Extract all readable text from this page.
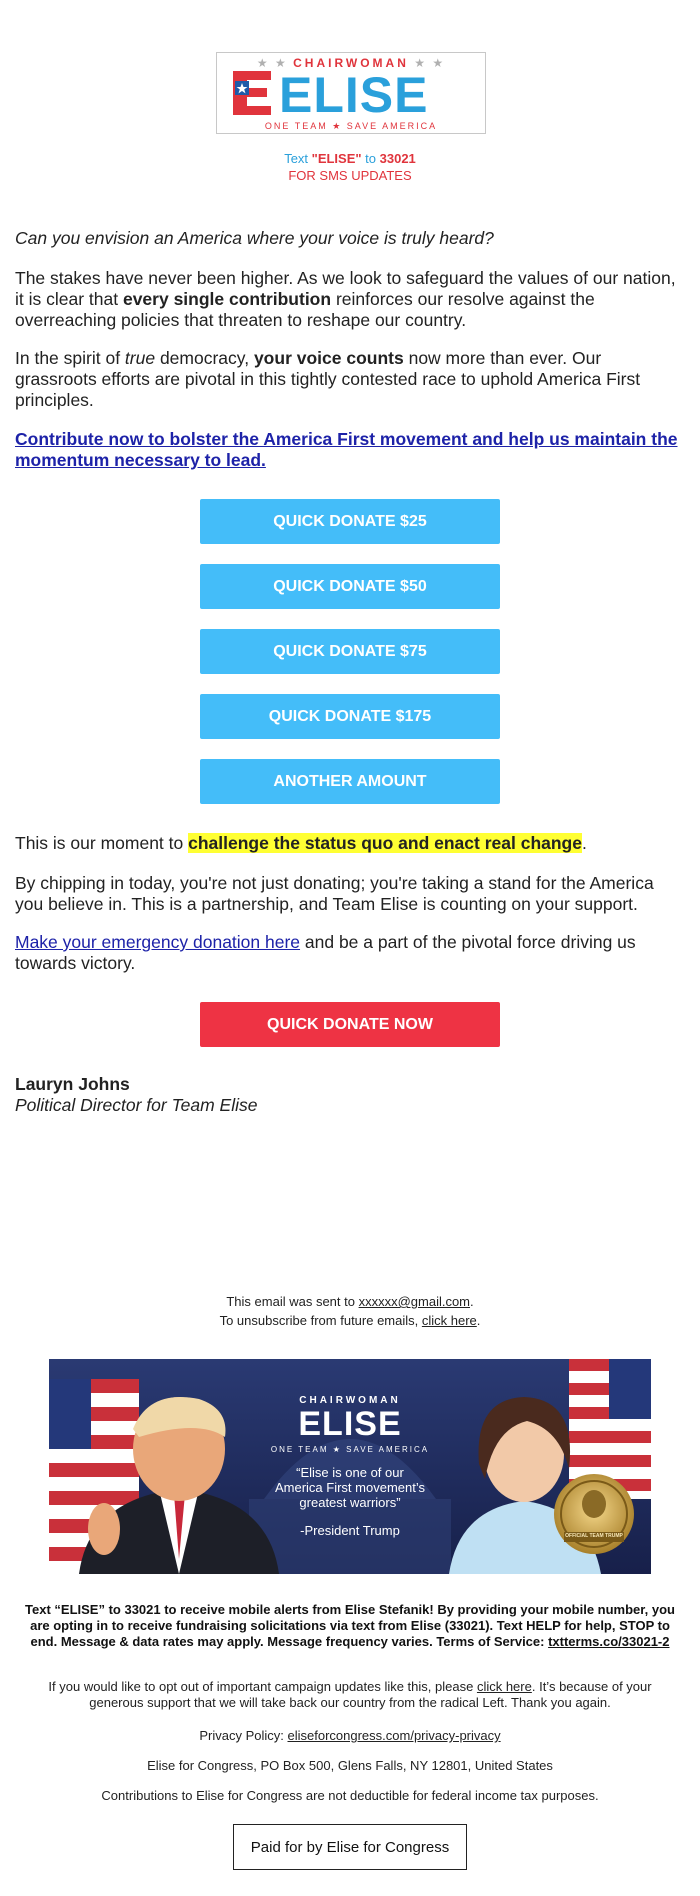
★ ★ CHAIRWOMAN ★ ★
ELISE
ONE TEAM ★ SAVE AMERICA
Text "ELISE" to 33021
FOR SMS UPDATES
Can you envision an America where your voice is truly heard?

The stakes have never been higher. As we look to safeguard the values of our nation, it is clear that every single contribution reinforces our resolve against the overreaching policies that threaten to reshape our country.

In the spirit of true democracy, your voice counts now more than ever. Our grassroots efforts are pivotal in this tightly contested race to uphold America First principles.

Contribute now to bolster the America First movement and help us maintain the momentum necessary to lead.
QUICK DONATE $25
QUICK DONATE $50
QUICK DONATE $75
QUICK DONATE $175
ANOTHER AMOUNT

This is our moment to challenge the status quo and enact real change.

By chipping in today, you're not just donating; you're taking a stand for the America you believe in. This is a partnership, and Team Elise is counting on your support.

Make your emergency donation here and be a part of the pivotal force driving us towards victory.

QUICK DONATE NOW
Lauryn Johns
Political Director for Team Elise
This email was sent to xxxxxx@gmail.com.
To unsubscribe from future emails, click here.
CHAIRWOMAN
ELISE
ONE TEAM ★ SAVE AMERICA
“Elise is one of our
America First movement’s
greatest warriors”
-President Trump	OFFICIAL TEAM TRUMP
Text “ELISE” to 33021 to receive mobile alerts from Elise Stefanik! By providing your mobile number, you are opting in to receive fundraising solicitations via text from Elise (33021). Text HELP for help, STOP to end. Message & data rates may apply. Message frequency varies. Terms of Service: txtterms.co/33021-2
If you would like to opt out of important campaign updates like this, please click here. It’s because of your generous support that we will take back our country from the radical Left. Thank you again.
Privacy Policy: eliseforcongress.com/privacy-privacy
Elise for Congress, PO Box 500, Glens Falls, NY 12801, United States
Contributions to Elise for Congress are not deductible for federal income tax purposes.
Paid for by Elise for Congress
